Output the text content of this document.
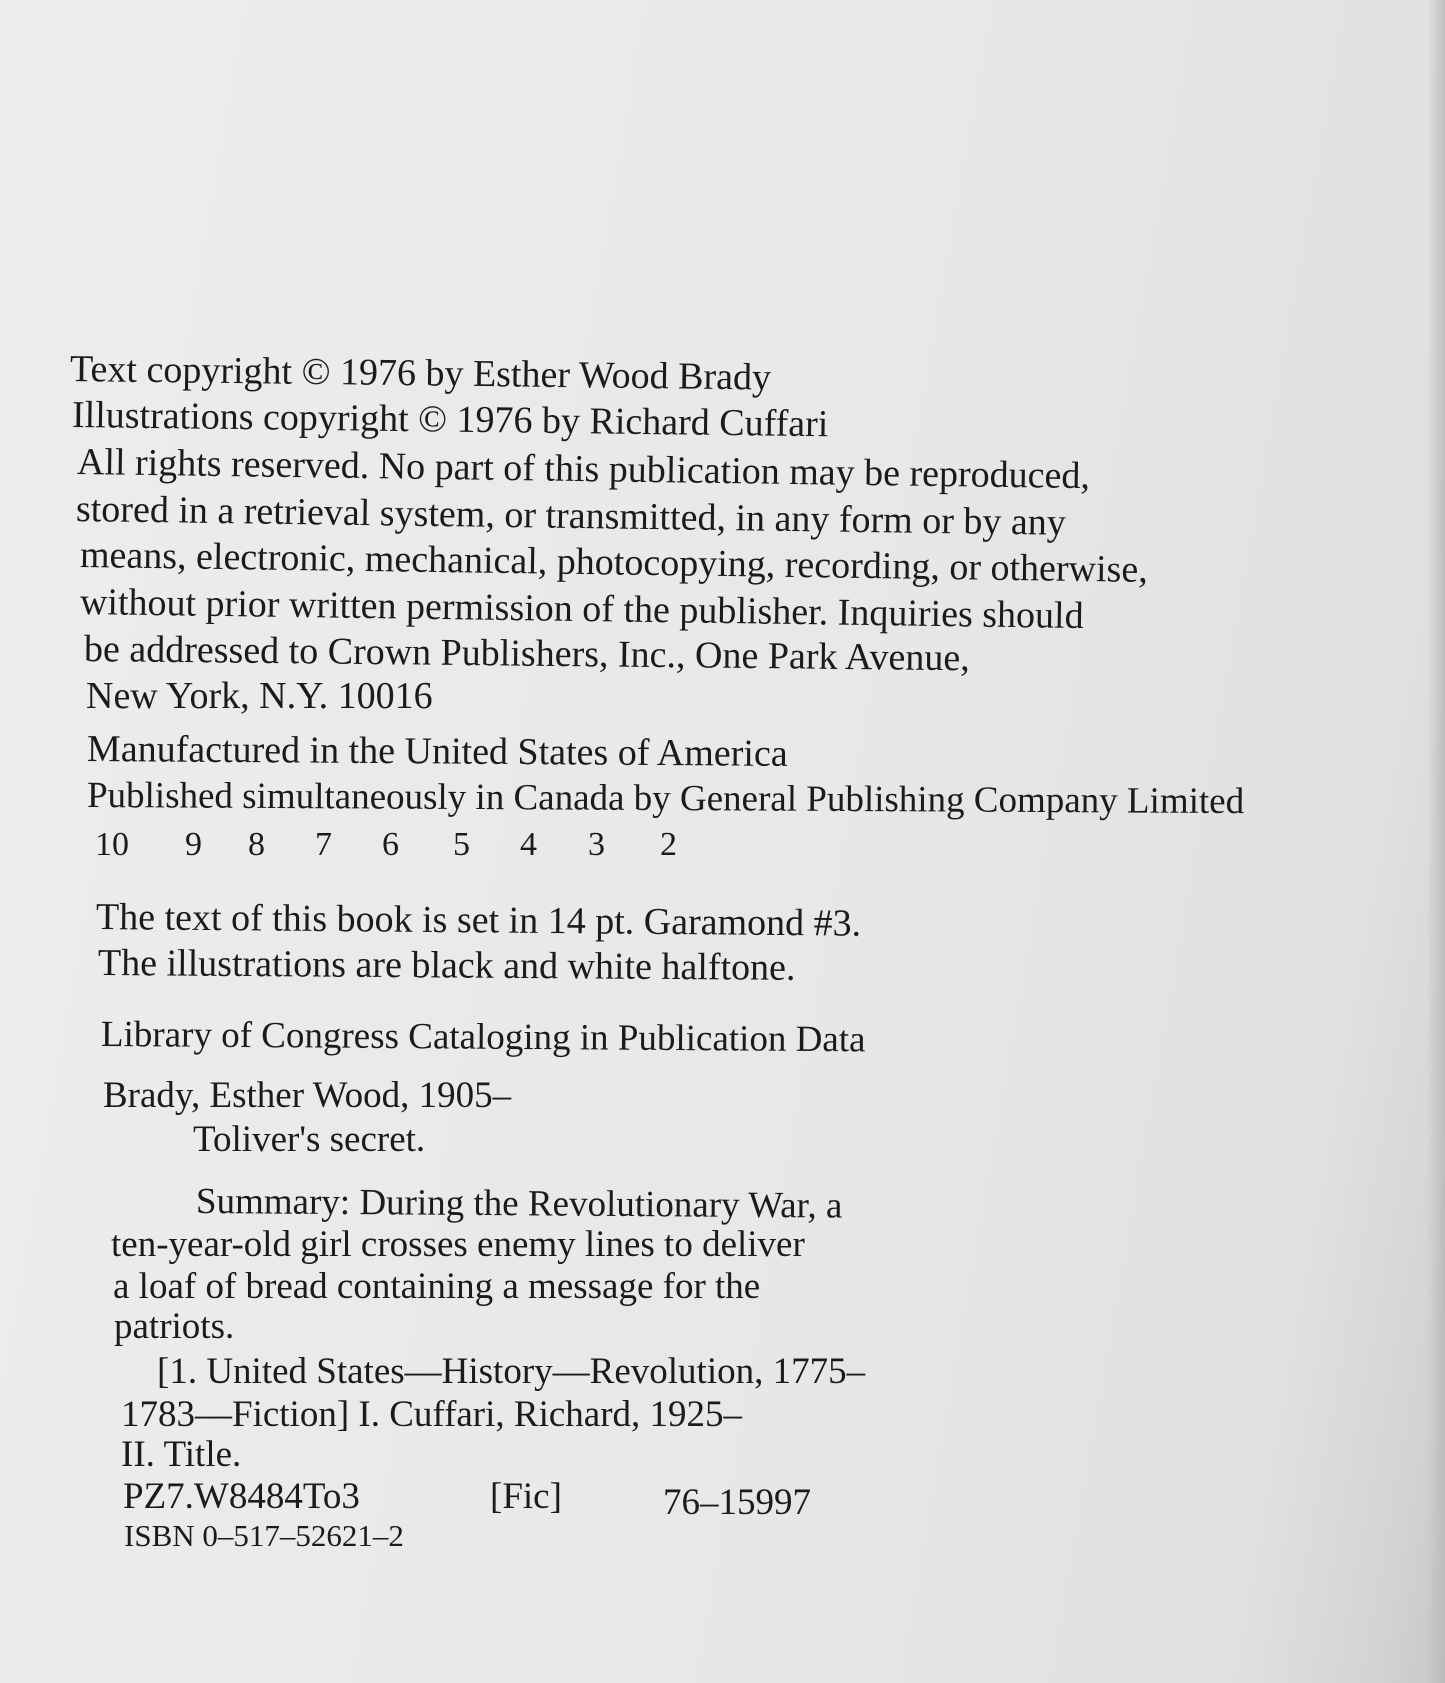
Text copyright © 1976 by Esther Wood Brady
Illustrations copyright © 1976 by Richard Cuffari
All rights reserved. No part of this publication may be reproduced,
stored in a retrieval system, or transmitted, in any form or by any
means, electronic, mechanical, photocopying, recording, or otherwise,
without prior written permission of the publisher. Inquiries should
be addressed to Crown Publishers, Inc., One Park Avenue,
New York, N.Y. 10016
Manufactured in the United States of America
Published simultaneously in Canada by General Publishing Company Limited
10 9 8 7 6 5 4 3 2
The text of this book is set in 14 pt. Garamond #3.
The illustrations are black and white halftone.
Library of Congress Cataloging in Publication Data
Brady, Esther Wood, 1905–
Toliver's secret.
Summary: During the Revolutionary War, a
ten-year-old girl crosses enemy lines to deliver
a loaf of bread containing a message for the
patriots.
[1. United States—History—Revolution, 1775–
1783—Fiction] I. Cuffari, Richard, 1925–
II. Title.
PZ7.W8484To3	[Fic]	76–15997
ISBN 0–517–52621–2
